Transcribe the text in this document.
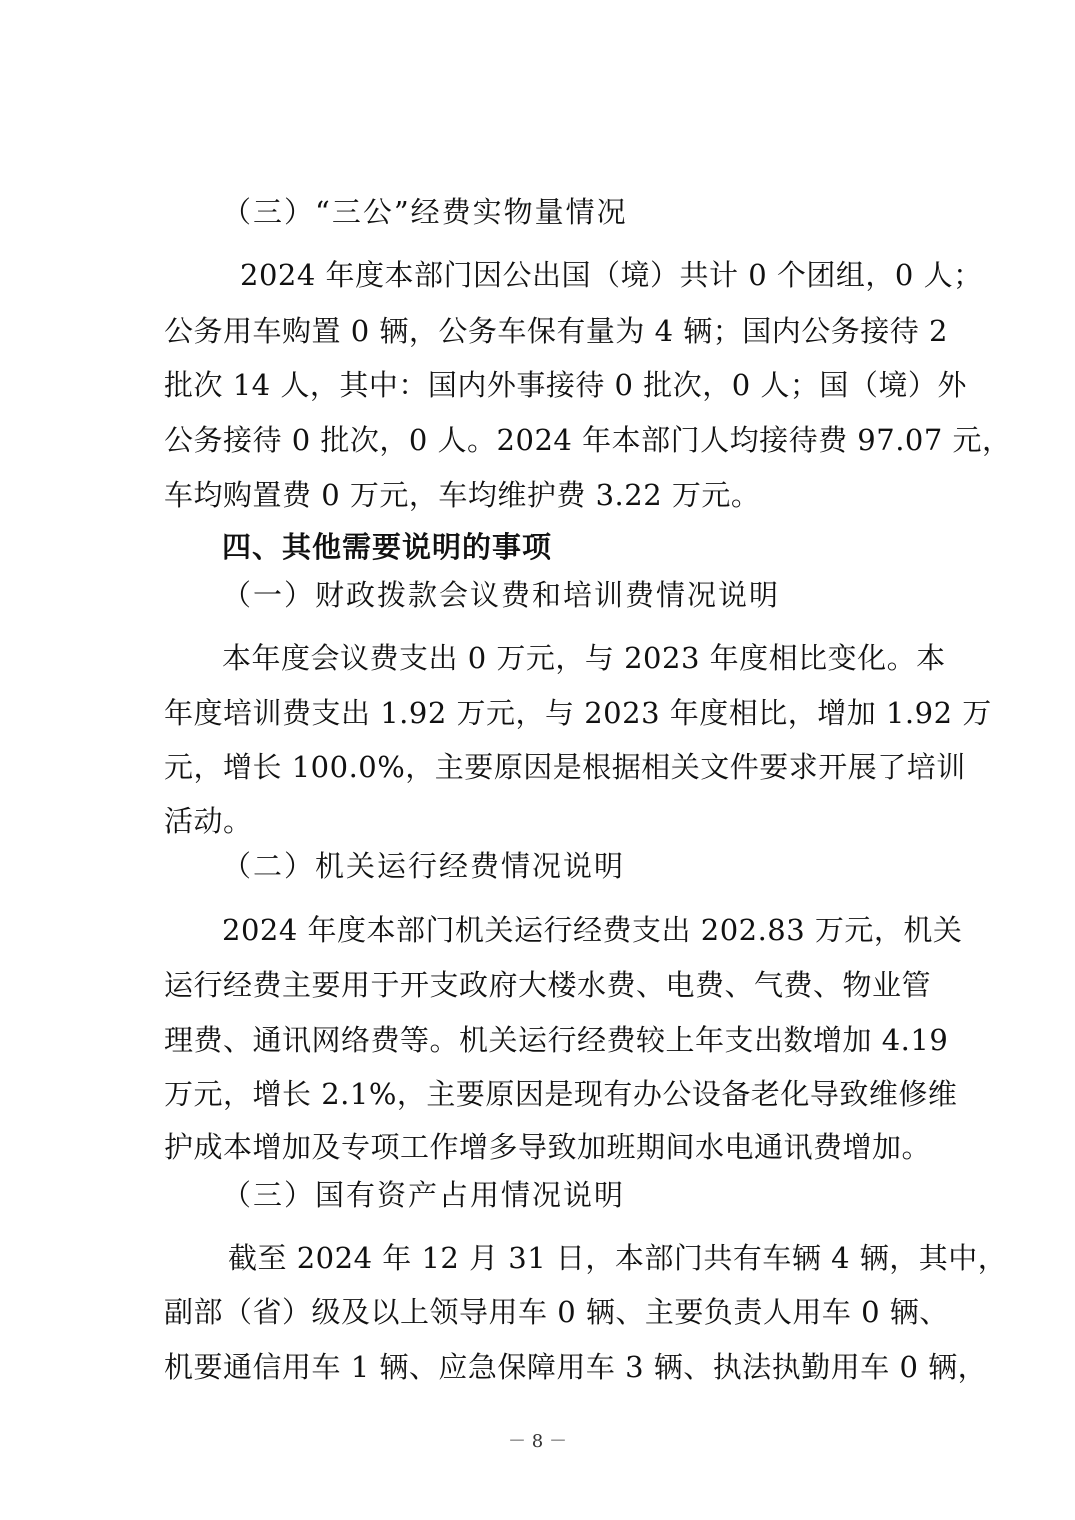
（三）“三公”经费实物量情况
2024 年度本部门因公出国（境）共计 0 个团组，0 人；
公务用车购置 0 辆，公务车保有量为 4 辆；国内公务接待 2
批次 14 人，其中：国内外事接待 0 批次，0 人；国（境）外
公务接待 0 批次，0 人。2024 年本部门人均接待费 97.07 元，
车均购置费 0 万元，车均维护费 3.22 万元。
四、其他需要说明的事项
（一）财政拨款会议费和培训费情况说明
本年度会议费支出 0 万元，与 2023 年度相比变化。本
年度培训费支出 1.92 万元，与 2023 年度相比，增加 1.92 万
元，增长 100.0%，主要原因是根据相关文件要求开展了培训
活动。
（二）机关运行经费情况说明
2024 年度本部门机关运行经费支出 202.83 万元，机关
运行经费主要用于开支政府大楼水费、电费、气费、物业管
理费、通讯网络费等。机关运行经费较上年支出数增加 4.19
万元，增长 2.1%，主要原因是现有办公设备老化导致维修维
护成本增加及专项工作增多导致加班期间水电通讯费增加。
（三）国有资产占用情况说明
截至 2024 年 12 月 31 日，本部门共有车辆 4 辆，其中，
副部（省）级及以上领导用车 0 辆、主要负责人用车 0 辆、
机要通信用车 1 辆、应急保障用车 3 辆、执法执勤用车 0 辆，
－ 8 －
